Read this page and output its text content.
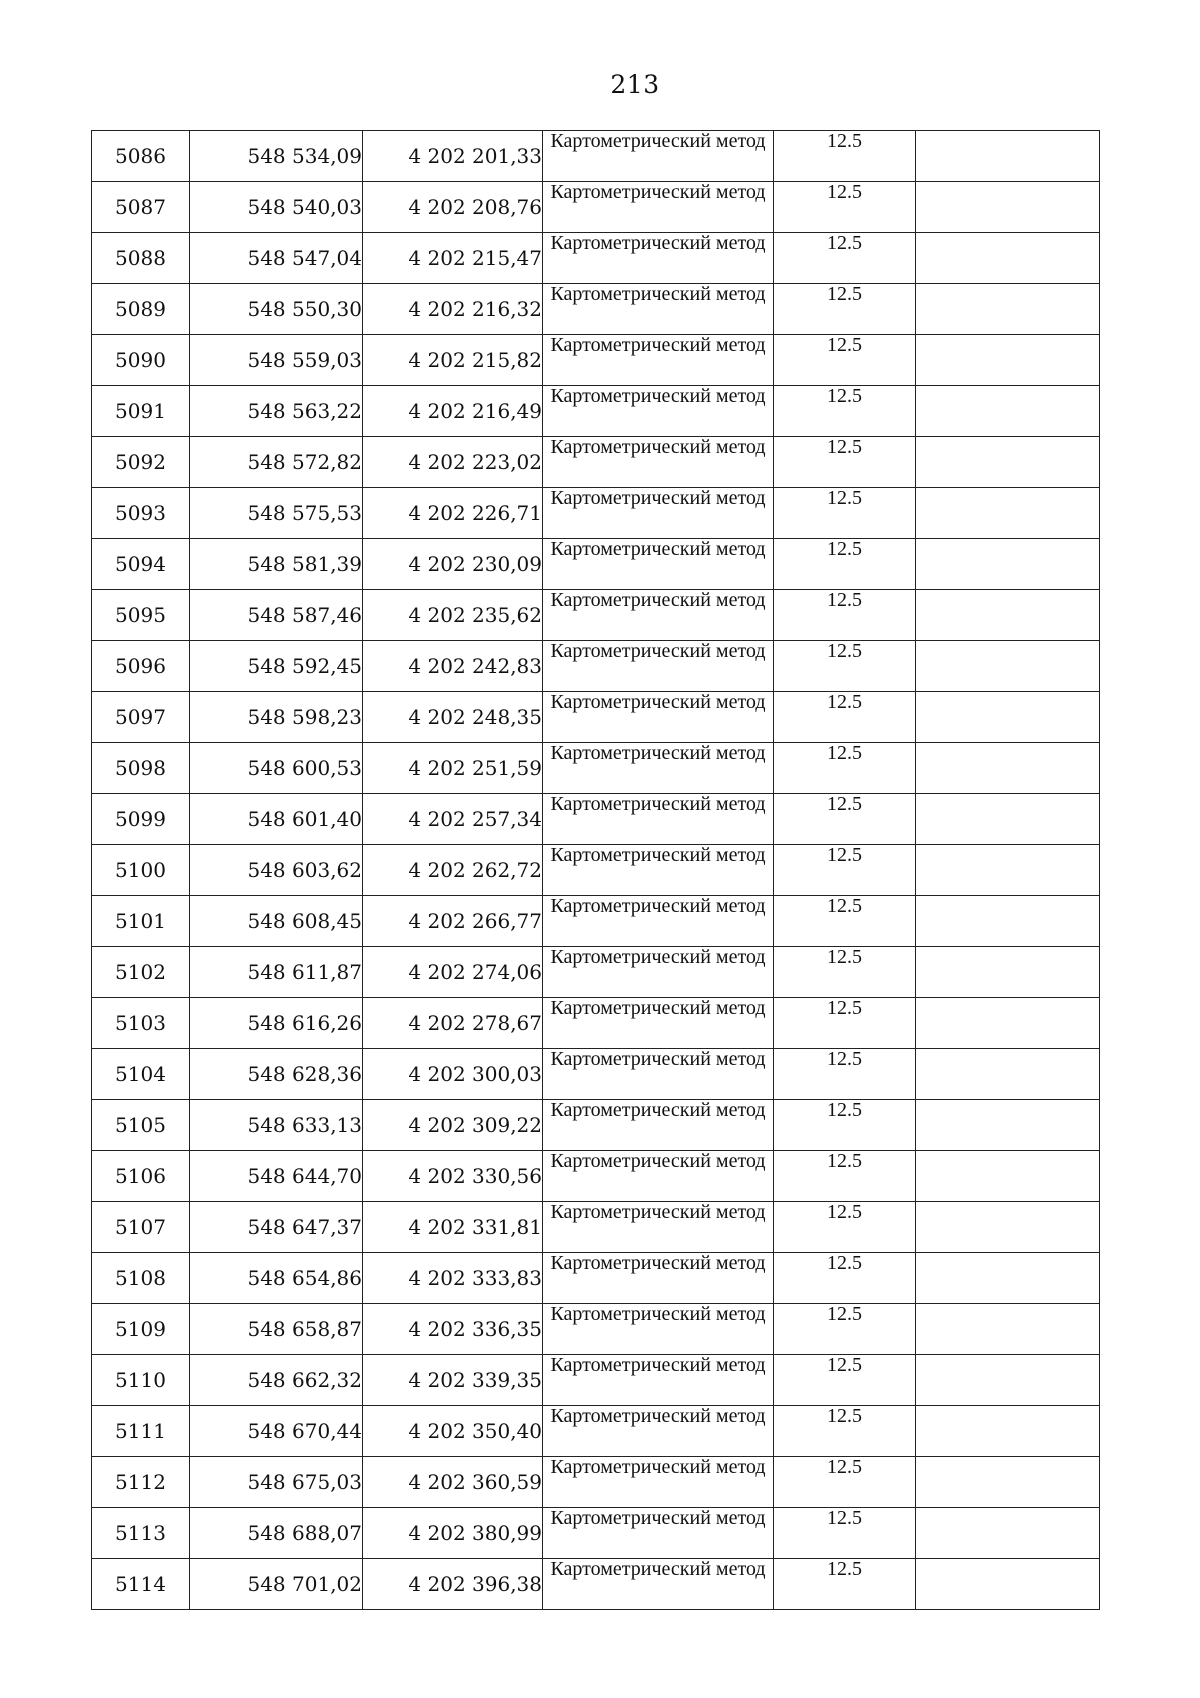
213
5086	548 534,09	4 202 201,33	Картометрический метод	12.5	
5087	548 540,03	4 202 208,76	Картометрический метод	12.5	
5088	548 547,04	4 202 215,47	Картометрический метод	12.5	
5089	548 550,30	4 202 216,32	Картометрический метод	12.5	
5090	548 559,03	4 202 215,82	Картометрический метод	12.5	
5091	548 563,22	4 202 216,49	Картометрический метод	12.5	
5092	548 572,82	4 202 223,02	Картометрический метод	12.5	
5093	548 575,53	4 202 226,71	Картометрический метод	12.5	
5094	548 581,39	4 202 230,09	Картометрический метод	12.5	
5095	548 587,46	4 202 235,62	Картометрический метод	12.5	
5096	548 592,45	4 202 242,83	Картометрический метод	12.5	
5097	548 598,23	4 202 248,35	Картометрический метод	12.5	
5098	548 600,53	4 202 251,59	Картометрический метод	12.5	
5099	548 601,40	4 202 257,34	Картометрический метод	12.5	
5100	548 603,62	4 202 262,72	Картометрический метод	12.5	
5101	548 608,45	4 202 266,77	Картометрический метод	12.5	
5102	548 611,87	4 202 274,06	Картометрический метод	12.5	
5103	548 616,26	4 202 278,67	Картометрический метод	12.5	
5104	548 628,36	4 202 300,03	Картометрический метод	12.5	
5105	548 633,13	4 202 309,22	Картометрический метод	12.5	
5106	548 644,70	4 202 330,56	Картометрический метод	12.5	
5107	548 647,37	4 202 331,81	Картометрический метод	12.5	
5108	548 654,86	4 202 333,83	Картометрический метод	12.5	
5109	548 658,87	4 202 336,35	Картометрический метод	12.5	
5110	548 662,32	4 202 339,35	Картометрический метод	12.5	
5111	548 670,44	4 202 350,40	Картометрический метод	12.5	
5112	548 675,03	4 202 360,59	Картометрический метод	12.5	
5113	548 688,07	4 202 380,99	Картометрический метод	12.5	
5114	548 701,02	4 202 396,38	Картометрический метод	12.5	
